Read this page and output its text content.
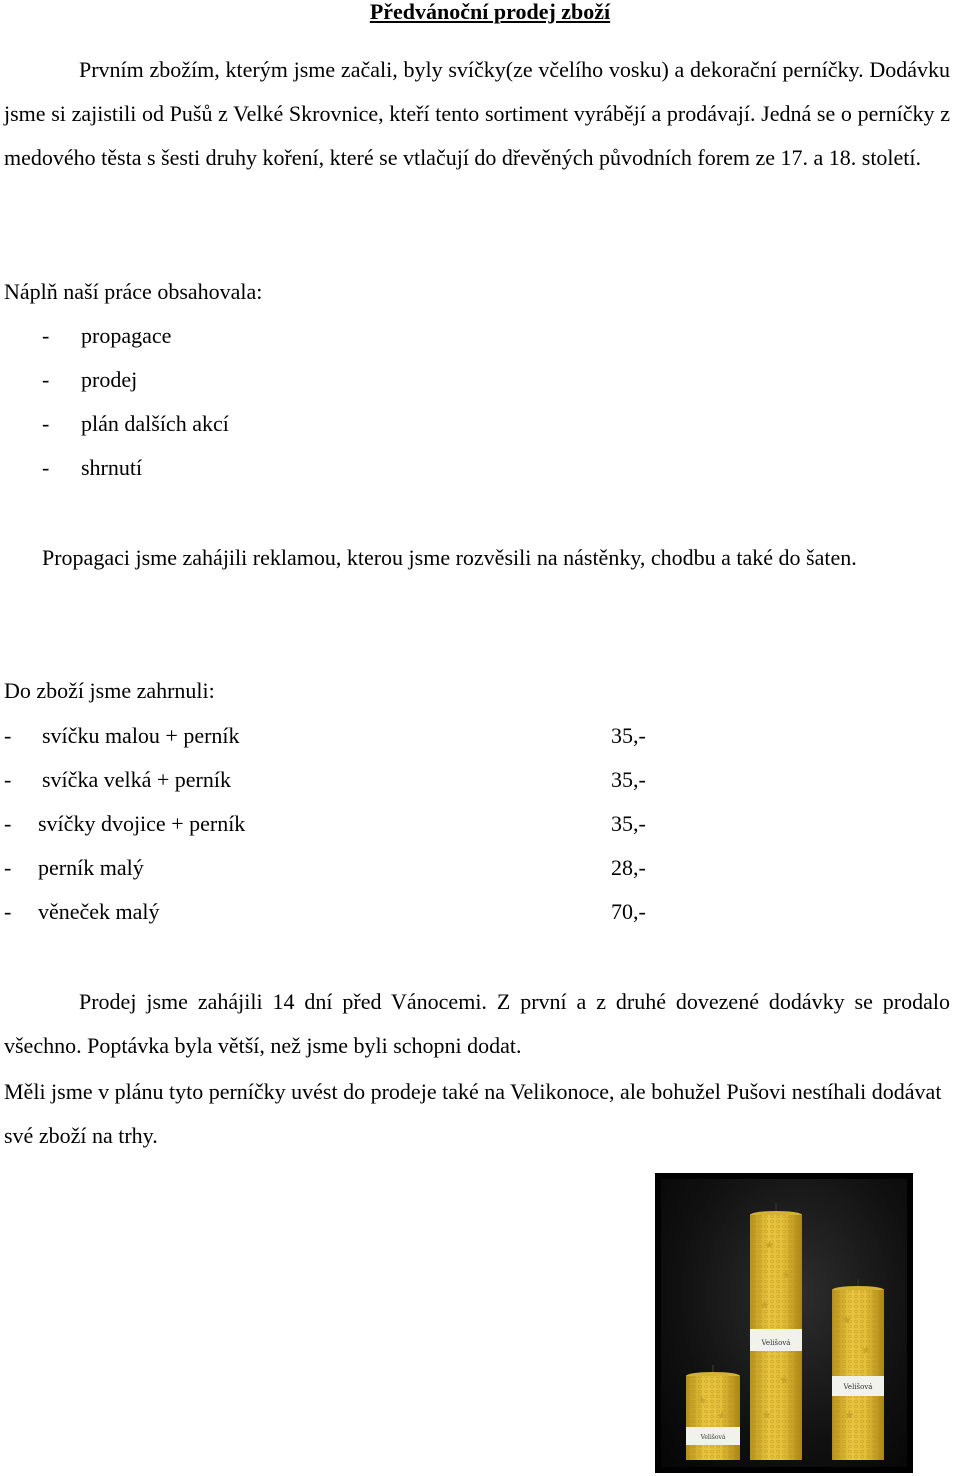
Předvánoční prodej zboží

Prvním zbožím, kterým jsme začali, byly svíčky(ze včelího vosku) a dekorační perníčky. Dodávku jsme si zajistili od Pušů z Velké Skrovnice, kteří tento sortiment vyrábějí a prodávají. Jedná se o perníčky z medového těsta s šesti druhy koření, které se vtlačují do dřevěných původních forem ze 17. a 18. století.

Náplň naší práce obsahovala:

- propagace
- prodej
- plán dalších akcí
- shrnutí

Propagaci jsme zahájili reklamou, kterou jsme rozvěsili na nástěnky, chodbu a také do šaten.

Do zboží jsme zahrnuli:

- svíčku malou + perník	35,-
- svíčka velká + perník	35,-
- svíčky dvojice + perník	35,-
- perník malý	28,-
- věneček malý	70,-

Prodej jsme zahájili 14 dní před Vánocemi. Z první a z druhé dovezené dodávky se prodalo všechno. Poptávka byla větší, než jsme byli schopni dodat.

Měli jsme v plánu tyto perníčky uvést do prodeje také na Velikonoce, ale bohužel Pušovi nestíhali dodávat své zboží na trhy.

Velišová
★
★
★
★
★
Velišová
★
★
★
Velišová
★
★
